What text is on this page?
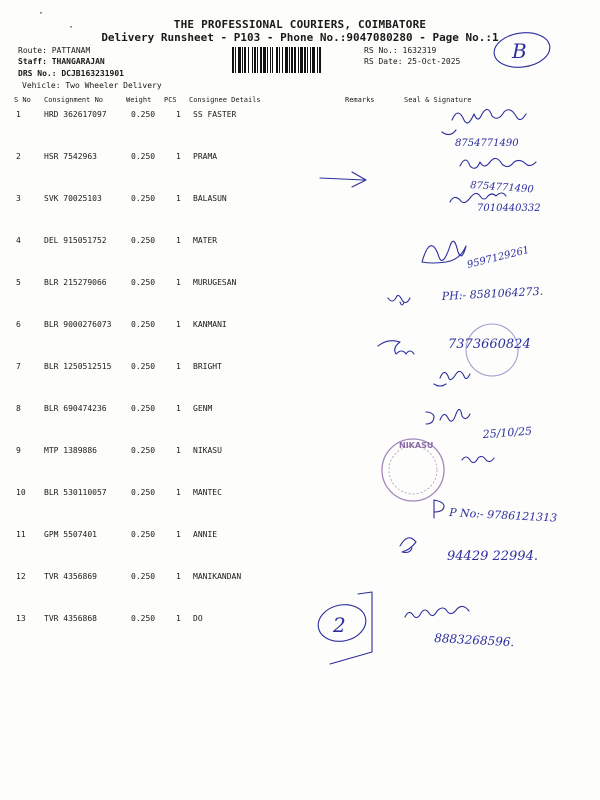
·
·	THE PROFESSIONAL COURIERS, COIMBATORE
Delivery Runsheet - P103 - Phone No.:9047080280 - Page No.:1
Route: PATTANAM
Staff: THANGARAJAN
DRS No.: DCJB163231901
Vehicle: Two Wheeler Delivery
RS No.: 1632319
RS Date: 25-Oct-2025
S No Consignment No	Weight PCS Consignee Details	Remarks	Seal & Signature
1	HRD 362617097	0.250	1 SS FASTER
2	HSR 7542963	0.250	1 PRAMA
3	SVK 70025103	0.250	1 BALASUN
4	DEL 915051752	0.250	1 MATER
5	BLR 215279066	0.250	1 MURUGESAN
6	BLR 9000276073 0.250	1 KANMANI
7	BLR 1250512515 0.250	1 BRIGHT
8	BLR 690474236	0.250	1 GENM
9	MTP 1389886	0.250	1 NIKASU
10 BLR 530110057	0.250	1 MANTEC
11 GPM 5507401	0.250	1 ANNIE
12 TVR 4356869	0.250	1 MANIKANDAN
13 TVR 4356868	0.250	1 DO
B
8754771490
8754771490
7010440332
9597129261
PH:- 8581064273.
7373660824
25/10/25
NIKASU
P No:- 9786121313
94429 22994.
2
8883268596.
